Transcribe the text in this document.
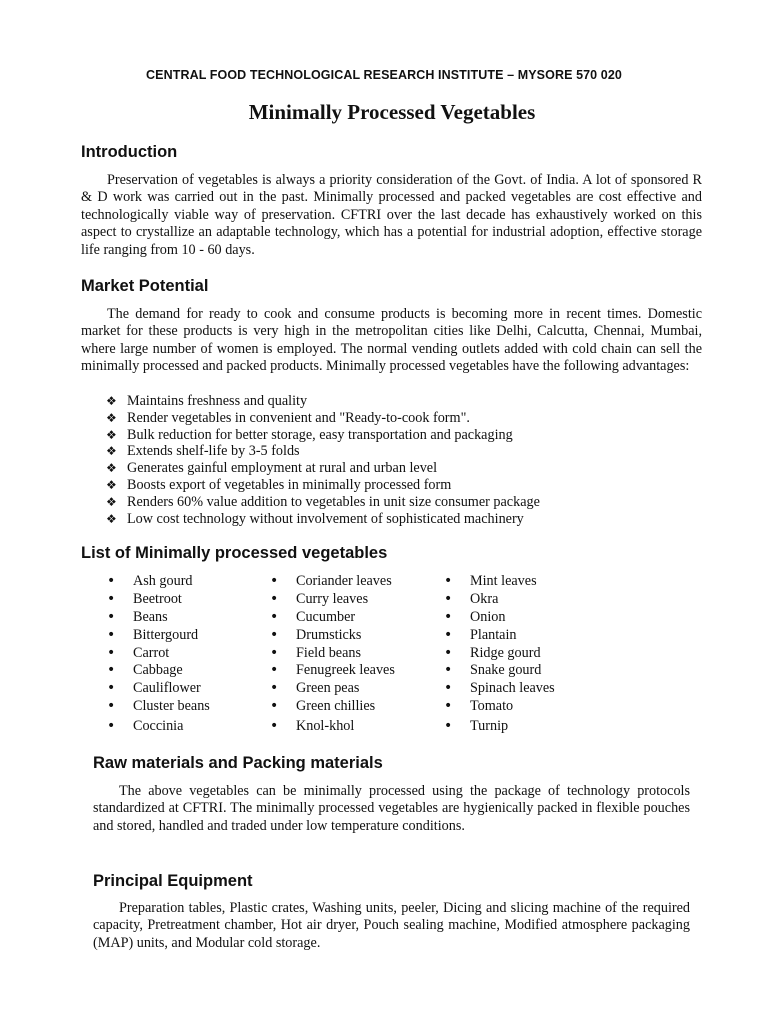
CENTRAL FOOD TECHNOLOGICAL RESEARCH INSTITUTE – MYSORE 570 020
Minimally Processed Vegetables
Introduction

Preservation of vegetables is always a priority consideration of the Govt. of India. A lot of sponsored R & D work was carried out in the past. Minimally processed and packed vegetables are cost effective and technologically viable way of preservation. CFTRI over the last decade has exhaustively worked on this aspect to crystallize an adaptable technology, which has a potential for industrial adoption, effective storage life ranging from 10 - 60 days.

Market Potential

The demand for ready to cook and consume products is becoming more in recent times. Domestic market for these products is very high in the metropolitan cities like Delhi, Calcutta, Chennai, Mumbai, where large number of women is employed. The normal vending outlets added with cold chain can sell the minimally processed and packed products. Minimally processed vegetables have the following advantages:

❖ Maintains freshness and quality
❖ Render vegetables in convenient and "Ready-to-cook form".
❖ Bulk reduction for better storage, easy transportation and packaging
❖ Extends shelf-life by 3-5 folds
❖ Generates gainful employment at rural and urban level
❖ Boosts export of vegetables in minimally processed form
❖ Renders 60% value addition to vegetables in unit size consumer package
❖ Low cost technology without involvement of sophisticated machinery
List of Minimally processed vegetables
• Ash gourd
• Beetroot
• Beans
• Bittergourd
• Carrot
• Cabbage
• Cauliflower
• Cluster beans
• Coccinia
• Coriander leaves
• Curry leaves
• Cucumber
• Drumsticks
• Field beans
• Fenugreek leaves
• Green peas
• Green chillies
• Knol-khol
• Mint leaves
• Okra
• Onion
• Plantain
• Ridge gourd
• Snake gourd
• Spinach leaves
• Tomato
• Turnip
Raw materials and Packing materials

The above vegetables can be minimally processed using the package of technology protocols standardized at CFTRI. The minimally processed vegetables are hygienically packed in flexible pouches and stored, handled and traded under low temperature conditions.

Principal Equipment

Preparation tables, Plastic crates, Washing units, peeler, Dicing and slicing machine of the required capacity, Pretreatment chamber, Hot air dryer, Pouch sealing machine, Modified atmosphere packaging (MAP) units, and Modular cold storage.
